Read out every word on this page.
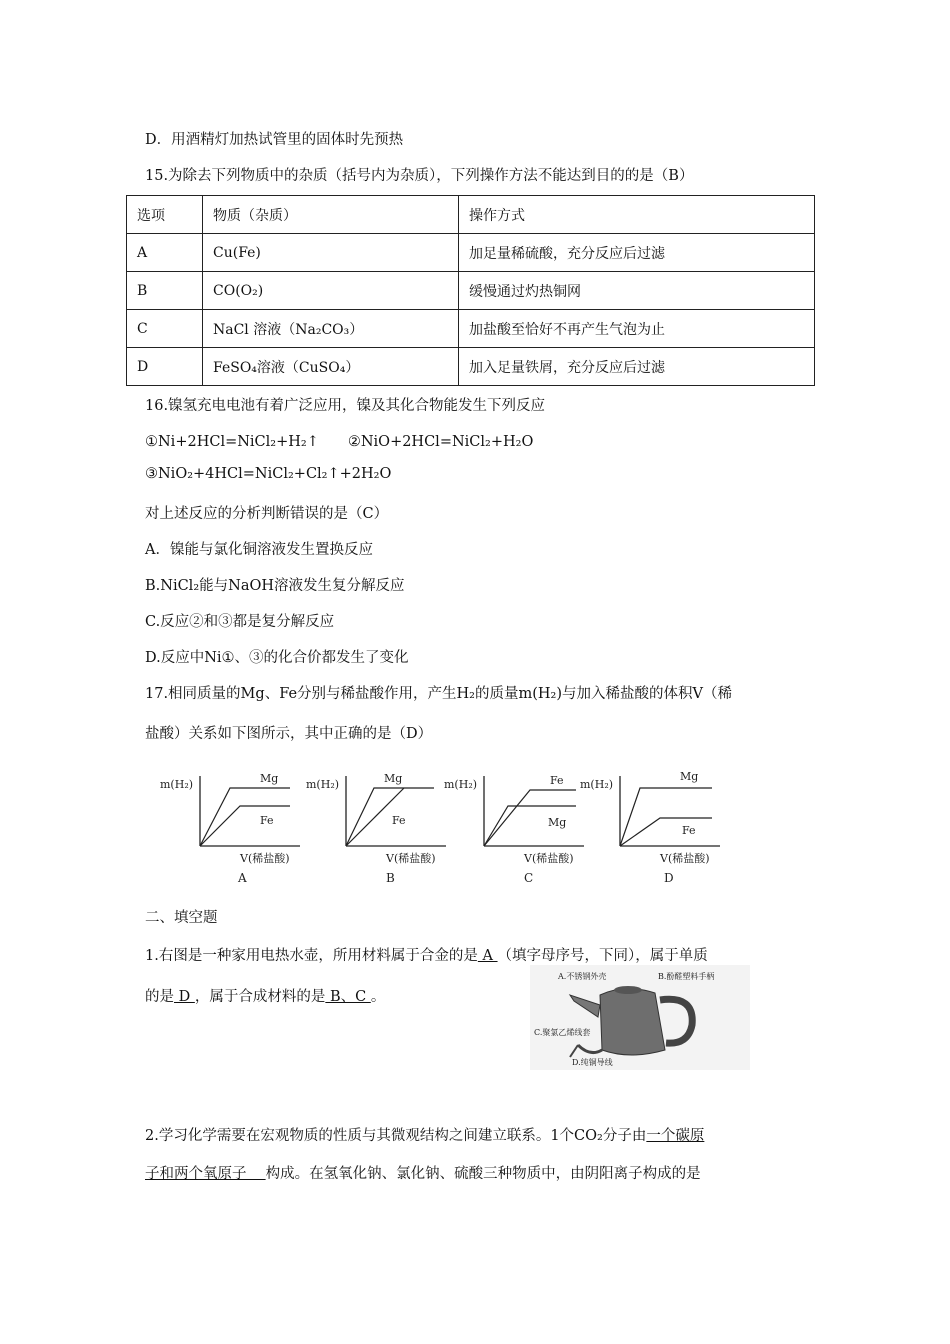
D．用酒精灯加热试管里的固体时先预热
15.为除去下列物质中的杂质（括号内为杂质），下列操作方法不能达到目的的是（B）
选项	物质（杂质）	操作方式
A	Cu(Fe)	加足量稀硫酸，充分反应后过滤
B	CO(O₂)	缓慢通过灼热铜网
C	NaCl 溶液（Na₂CO₃）	加盐酸至恰好不再产生气泡为止
D	FeSO₄溶液（CuSO₄）	加入足量铁屑，充分反应后过滤
16.镍氢充电电池有着广泛应用，镍及其化合物能发生下列反应
①Ni+2HCl=NiCl₂+H₂↑　　②NiO+2HCl=NiCl₂+H₂O
③NiO₂+4HCl=NiCl₂+Cl₂↑+2H₂O
对上述反应的分析判断错误的是（C）
A．镍能与氯化铜溶液发生置换反应
B.NiCl₂能与NaOH溶液发生复分解反应
C.反应②和③都是复分解反应
D.反应中Ni①、③的化合价都发生了变化
17.相同质量的Mg、Fe分别与稀盐酸作用，产生H₂的质量m(H₂)与加入稀盐酸的体积V（稀
盐酸）关系如下图所示，其中正确的是（D）
m(H₂)	Mg
Fe
V(稀盐酸)
A
m(H₂)	Mg
Fe
V(稀盐酸)
B
m(H₂)	Fe
Mg
V(稀盐酸)
C
m(H₂)
Mg
Fe
V(稀盐酸)
D
二、填空题
1.右图是一种家用电热水壶，所用材料属于合金的是 A （填字母序号，下同），属于单质
的是 D ，属于合成材料的是 B、C 。
A.不锈钢外壳	B.酚醛塑料手柄
C.聚氯乙烯线套
D.纯铜导线
2.学习化学需要在宏观物质的性质与其微观结构之间建立联系。1个CO₂分子由一个碳原
子和两个氧原子　 构成。在氢氧化钠、氯化钠、硫酸三种物质中，由阴阳离子构成的是
